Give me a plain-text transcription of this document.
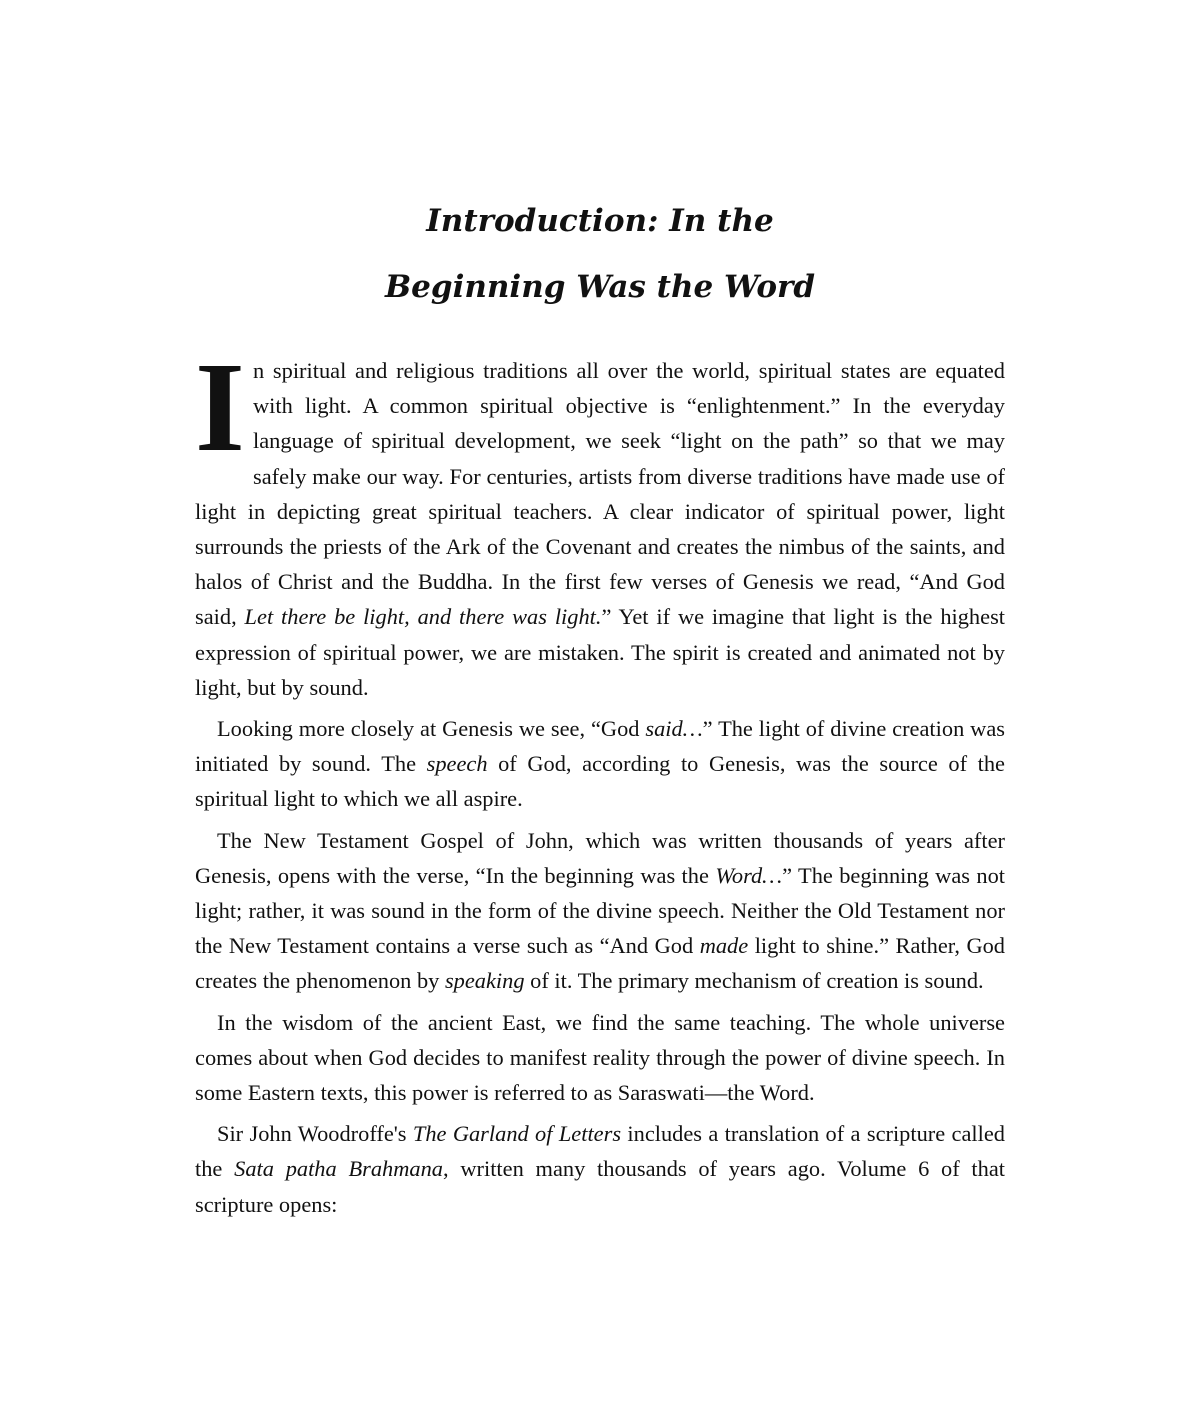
Introduction: In the
Beginning Was the Word

In spiritual and religious traditions all over the world, spiritual states are equated with light. A common spiritual objective is “enlightenment.” In the everyday language of spiritual development, we seek “light on the path” so that we may safely make our way. For centuries, artists from diverse traditions have made use of light in depicting great spiritual teachers. A clear indicator of spiritual power, light surrounds the priests of the Ark of the Covenant and creates the nimbus of the saints, and halos of Christ and the Buddha. In the first few verses of Genesis we read, “And God said, Let there be light, and there was light.” Yet if we imagine that light is the highest expression of spiritual power, we are mistaken. The spirit is created and animated not by light, but by sound.

Looking more closely at Genesis we see, “God said…” The light of divine creation was initiated by sound. The speech of God, according to Genesis, was the source of the spiritual light to which we all aspire.

The New Testament Gospel of John, which was written thousands of years after Genesis, opens with the verse, “In the beginning was the Word…” The beginning was not light; rather, it was sound in the form of the divine speech. Neither the Old Testament nor the New Testament contains a verse such as “And God made light to shine.” Rather, God creates the phenomenon by speaking of it. The primary mechanism of creation is sound.

In the wisdom of the ancient East, we find the same teaching. The whole universe comes about when God decides to manifest reality through the power of divine speech. In some Eastern texts, this power is referred to as Saraswati—the Word.

Sir John Woodroffe's The Garland of Letters includes a translation of a scripture called the Sata patha Brahmana, written many thousands of years ago. Volume 6 of that scripture opens:
